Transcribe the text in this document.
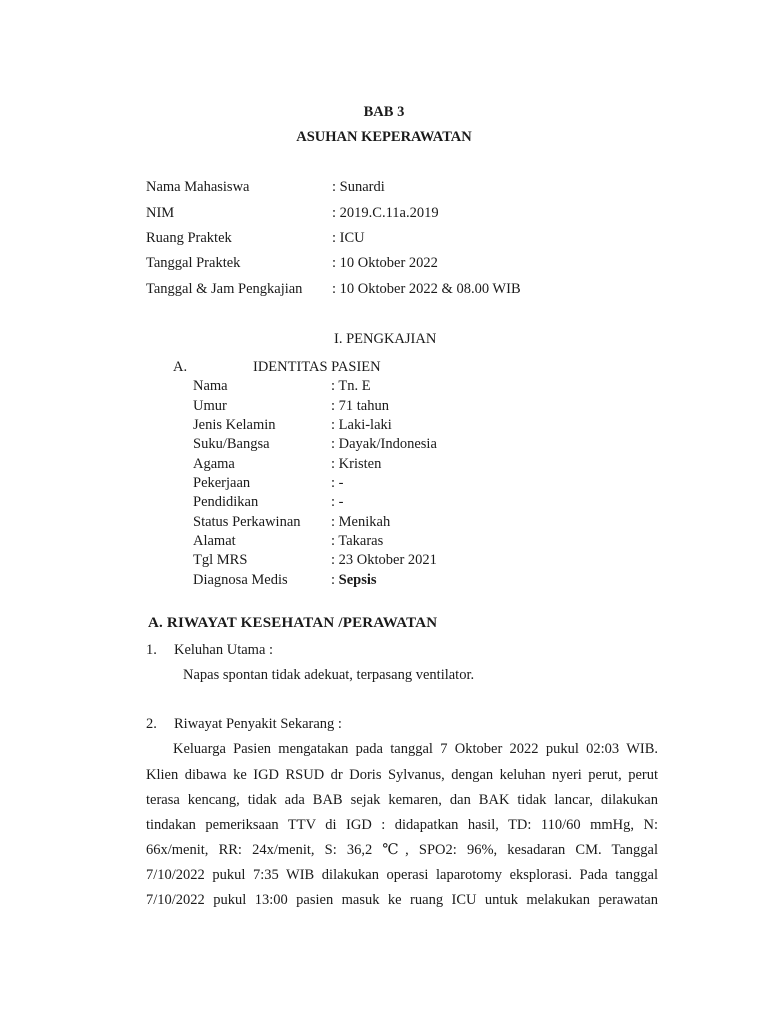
BAB 3
ASUHAN KEPERAWATAN
Nama Mahasiswa	: Sunardi
NIM	: 2019.C.11a.2019
Ruang Praktek	: ICU
Tanggal Praktek	: 10 Oktober 2022
Tanggal & Jam Pengkajian : 10 Oktober 2022 & 08.00 WIB
I. PENGKAJIAN
A.	IDENTITAS PASIEN
Nama	: Tn. E
Umur	: 71 tahun
Jenis Kelamin	: Laki-laki
Suku/Bangsa	: Dayak/Indonesia
Agama	: Kristen
Pekerjaan	: -
Pendidikan	: -
Status Perkawinan : Menikah
Alamat	: Takaras
Tgl MRS	: 23 Oktober 2021
Diagnosa Medis	: Sepsis
A. RIWAYAT KESEHATAN /PERAWATAN
1. Keluhan Utama :
Napas spontan tidak adekuat, terpasang ventilator.
2. Riwayat Penyakit Sekarang :
Keluarga Pasien mengatakan pada tanggal 7 Oktober 2022 pukul 02:03 WIB.
Klien dibawa ke IGD RSUD dr Doris Sylvanus, dengan keluhan nyeri perut, perut
terasa kencang, tidak ada BAB sejak kemaren, dan BAK tidak lancar, dilakukan
tindakan pemeriksaan TTV di IGD : didapatkan hasil, TD: 110/60 mmHg, N:
66x/menit, RR: 24x/menit, S: 36,2 ℃, SPO2: 96%, kesadaran CM. Tanggal
7/10/2022 pukul 7:35 WIB dilakukan operasi laparotomy eksplorasi. Pada tanggal
7/10/2022 pukul 13:00 pasien masuk ke ruang ICU untuk melakukan perawatan
